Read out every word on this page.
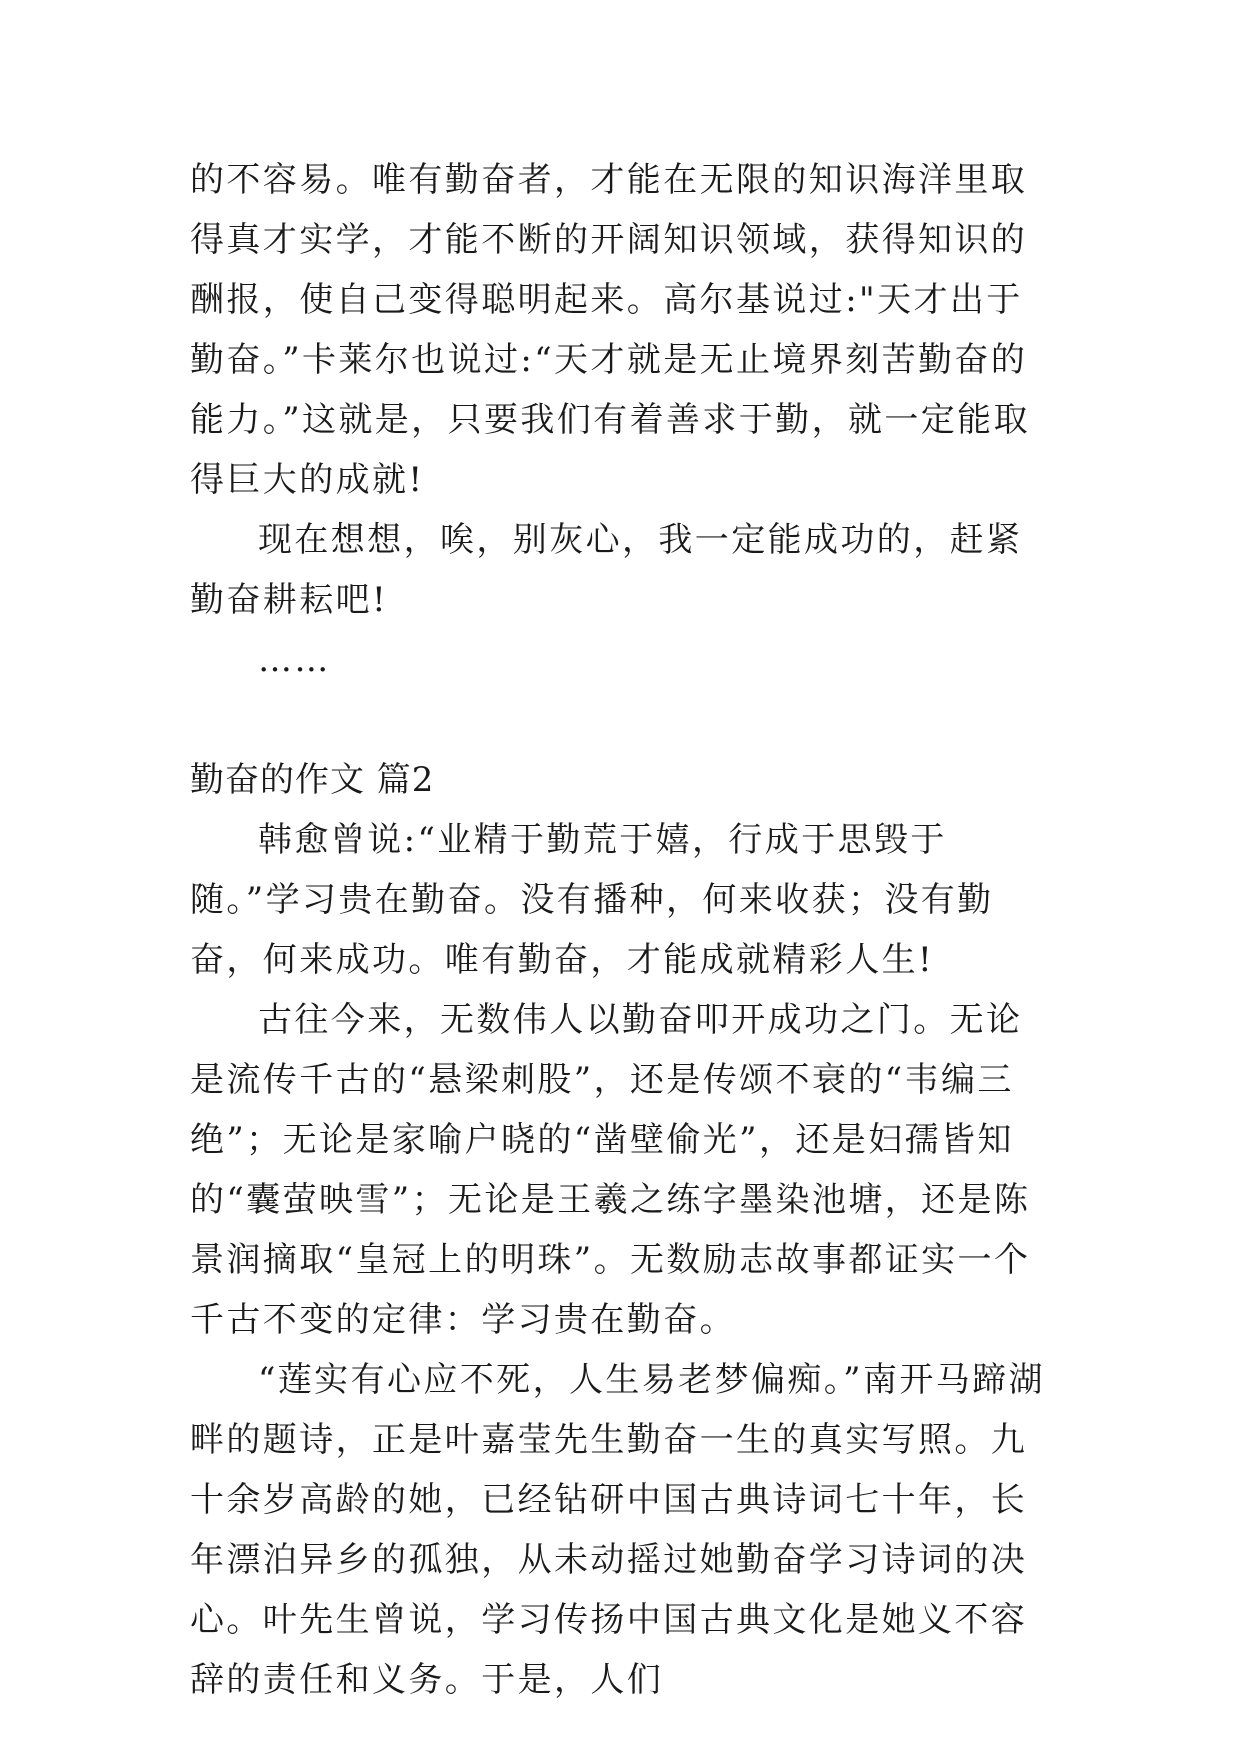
的不容易。唯有勤奋者，才能在无限的知识海洋里取得真才实学，才能不断的开阔知识领域，获得知识的酬报，使自己变得聪明起来。高尔基说过:"天才出于勤奋。”卡莱尔也说过:“天才就是无止境界刻苦勤奋的能力。”这就是，只要我们有着善求于勤，就一定能取得巨大的成就!

现在想想，唉，别灰心，我一定能成功的，赶紧勤奋耕耘吧!

……

勤奋的作文 篇2

韩愈曾说:“业精于勤荒于嬉，行成于思毁于随。”学习贵在勤奋。没有播种，何来收获；没有勤奋，何来成功。唯有勤奋，才能成就精彩人生!

古往今来，无数伟人以勤奋叩开成功之门。无论是流传千古的“悬梁刺股”，还是传颂不衰的“韦编三绝”；无论是家喻户晓的“凿壁偷光”，还是妇孺皆知的“囊萤映雪”；无论是王羲之练字墨染池塘，还是陈景润摘取“皇冠上的明珠”。无数励志故事都证实一个千古不变的定律：学习贵在勤奋。

“莲实有心应不死，人生易老梦偏痴。”南开马蹄湖畔的题诗，正是叶嘉莹先生勤奋一生的真实写照。九十余岁高龄的她，已经钻研中国古典诗词七十年，长年漂泊异乡的孤独，从未动摇过她勤奋学习诗词的决心。叶先生曾说，学习传扬中国古典文化是她义不容辞的责任和义务。于是，人们
